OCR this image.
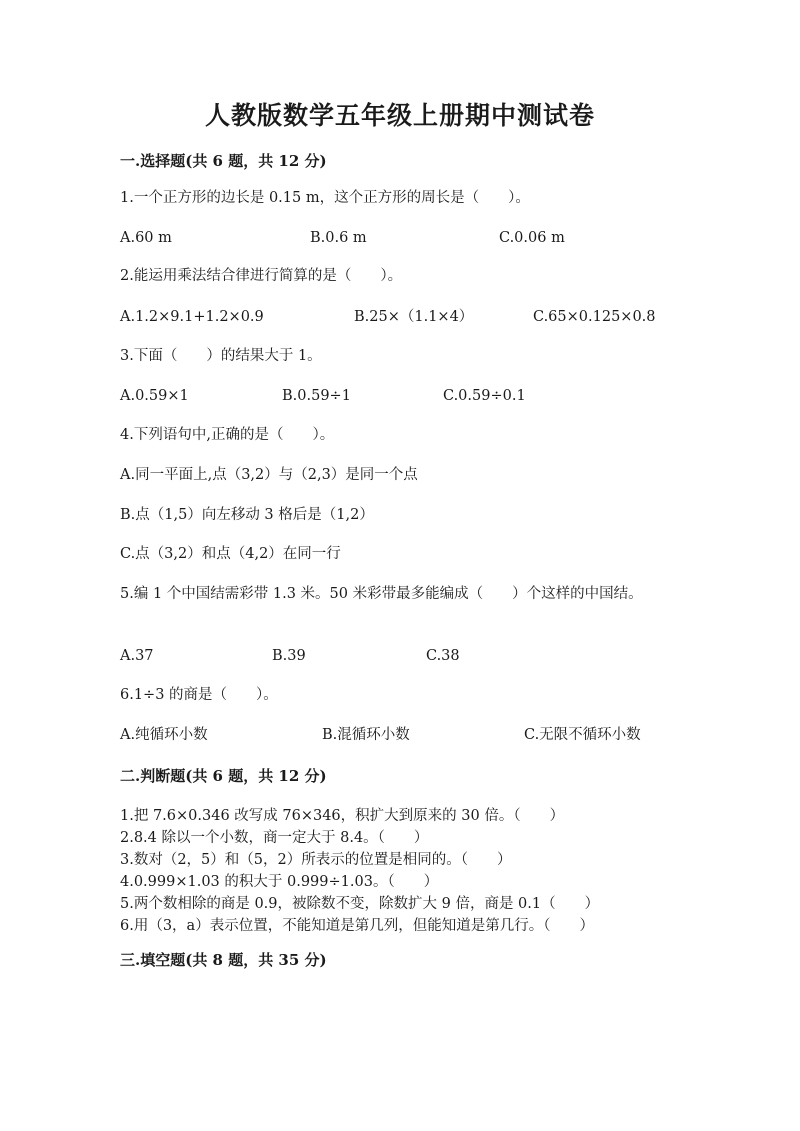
人教版数学五年级上册期中测试卷
一.选择题(共 6 题，共 12 分)
1.一个正方形的边长是 0.15 m，这个正方形的周长是（　　）。
A.60 m	B.0.6 m	C.0.06 m
2.能运用乘法结合律进行简算的是（　　）。
A.1.2×9.1+1.2×0.9	B.25×（1.1×4）	C.65×0.125×0.8
3.下面（　　）的结果大于 1。
A.0.59×1	B.0.59÷1	C.0.59÷0.1
4.下列语句中,正确的是（　　）。
A.同一平面上,点（3,2）与（2,3）是同一个点
B.点（1,5）向左移动 3 格后是（1,2）
C.点（3,2）和点（4,2）在同一行
5.编 1 个中国结需彩带 1.3 米。50 米彩带最多能编成（　　）个这样的中国结。
A.37	B.39	C.38
6.1÷3 的商是（　　）。
A.纯循环小数	B.混循环小数	C.无限不循环小数
二.判断题(共 6 题，共 12 分)
1.把 7.6×0.346 改写成 76×346，积扩大到原来的 30 倍。（　　）
2.8.4 除以一个小数，商一定大于 8.4。（　　）
3.数对（2，5）和（5，2）所表示的位置是相同的。（　　）
4.0.999×1.03 的积大于 0.999÷1.03。（　　）
5.两个数相除的商是 0.9，被除数不变，除数扩大 9 倍，商是 0.1（　　）
6.用（3，a）表示位置，不能知道是第几列，但能知道是第几行。（　　）
三.填空题(共 8 题，共 35 分)
